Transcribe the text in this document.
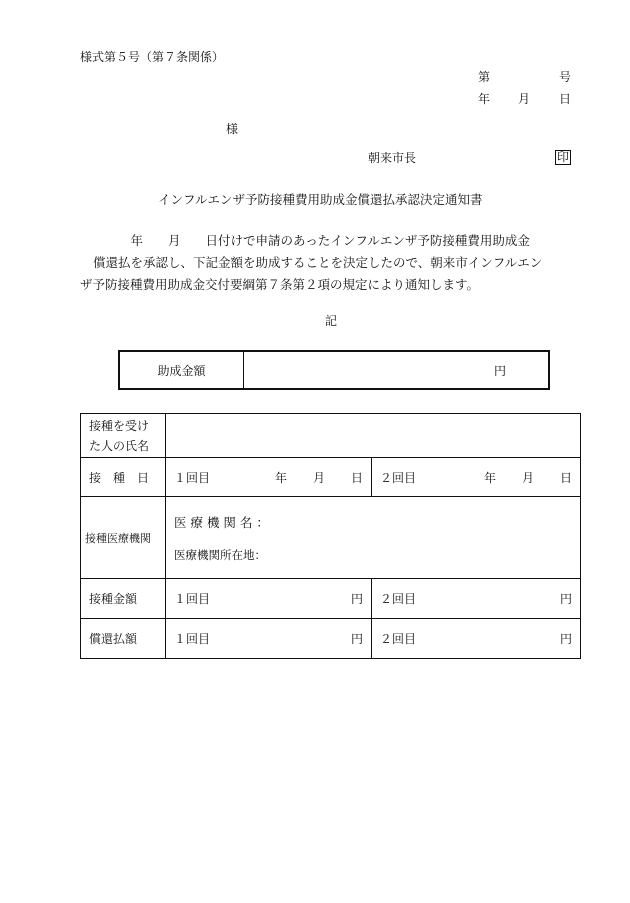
様式第５号（第７条関係）
第	号
年 月 日
様
朝来市長	印
インフルエンザ予防接種費用助成金償還払承認決定通知書

　年　　月　　日付けで申請のあったインフルエンザ予防接種費用助成金

償還払を承認し、下記金額を助成することを決定したので、朝来市インフルエン

ザ予防接種費用助成金交付要綱第７条第２項の規定により通知します。

記
助成金額	円
接種を受け
た人の氏名		

接　種　日	１回目 年 月 日	２回目 年 月 日

接種医療機関	医 療 機 関 名 ：
医療機関所在地：	

接種金額	１回目 円	２回目 円

償還払額	１回目 円	２回目 円
